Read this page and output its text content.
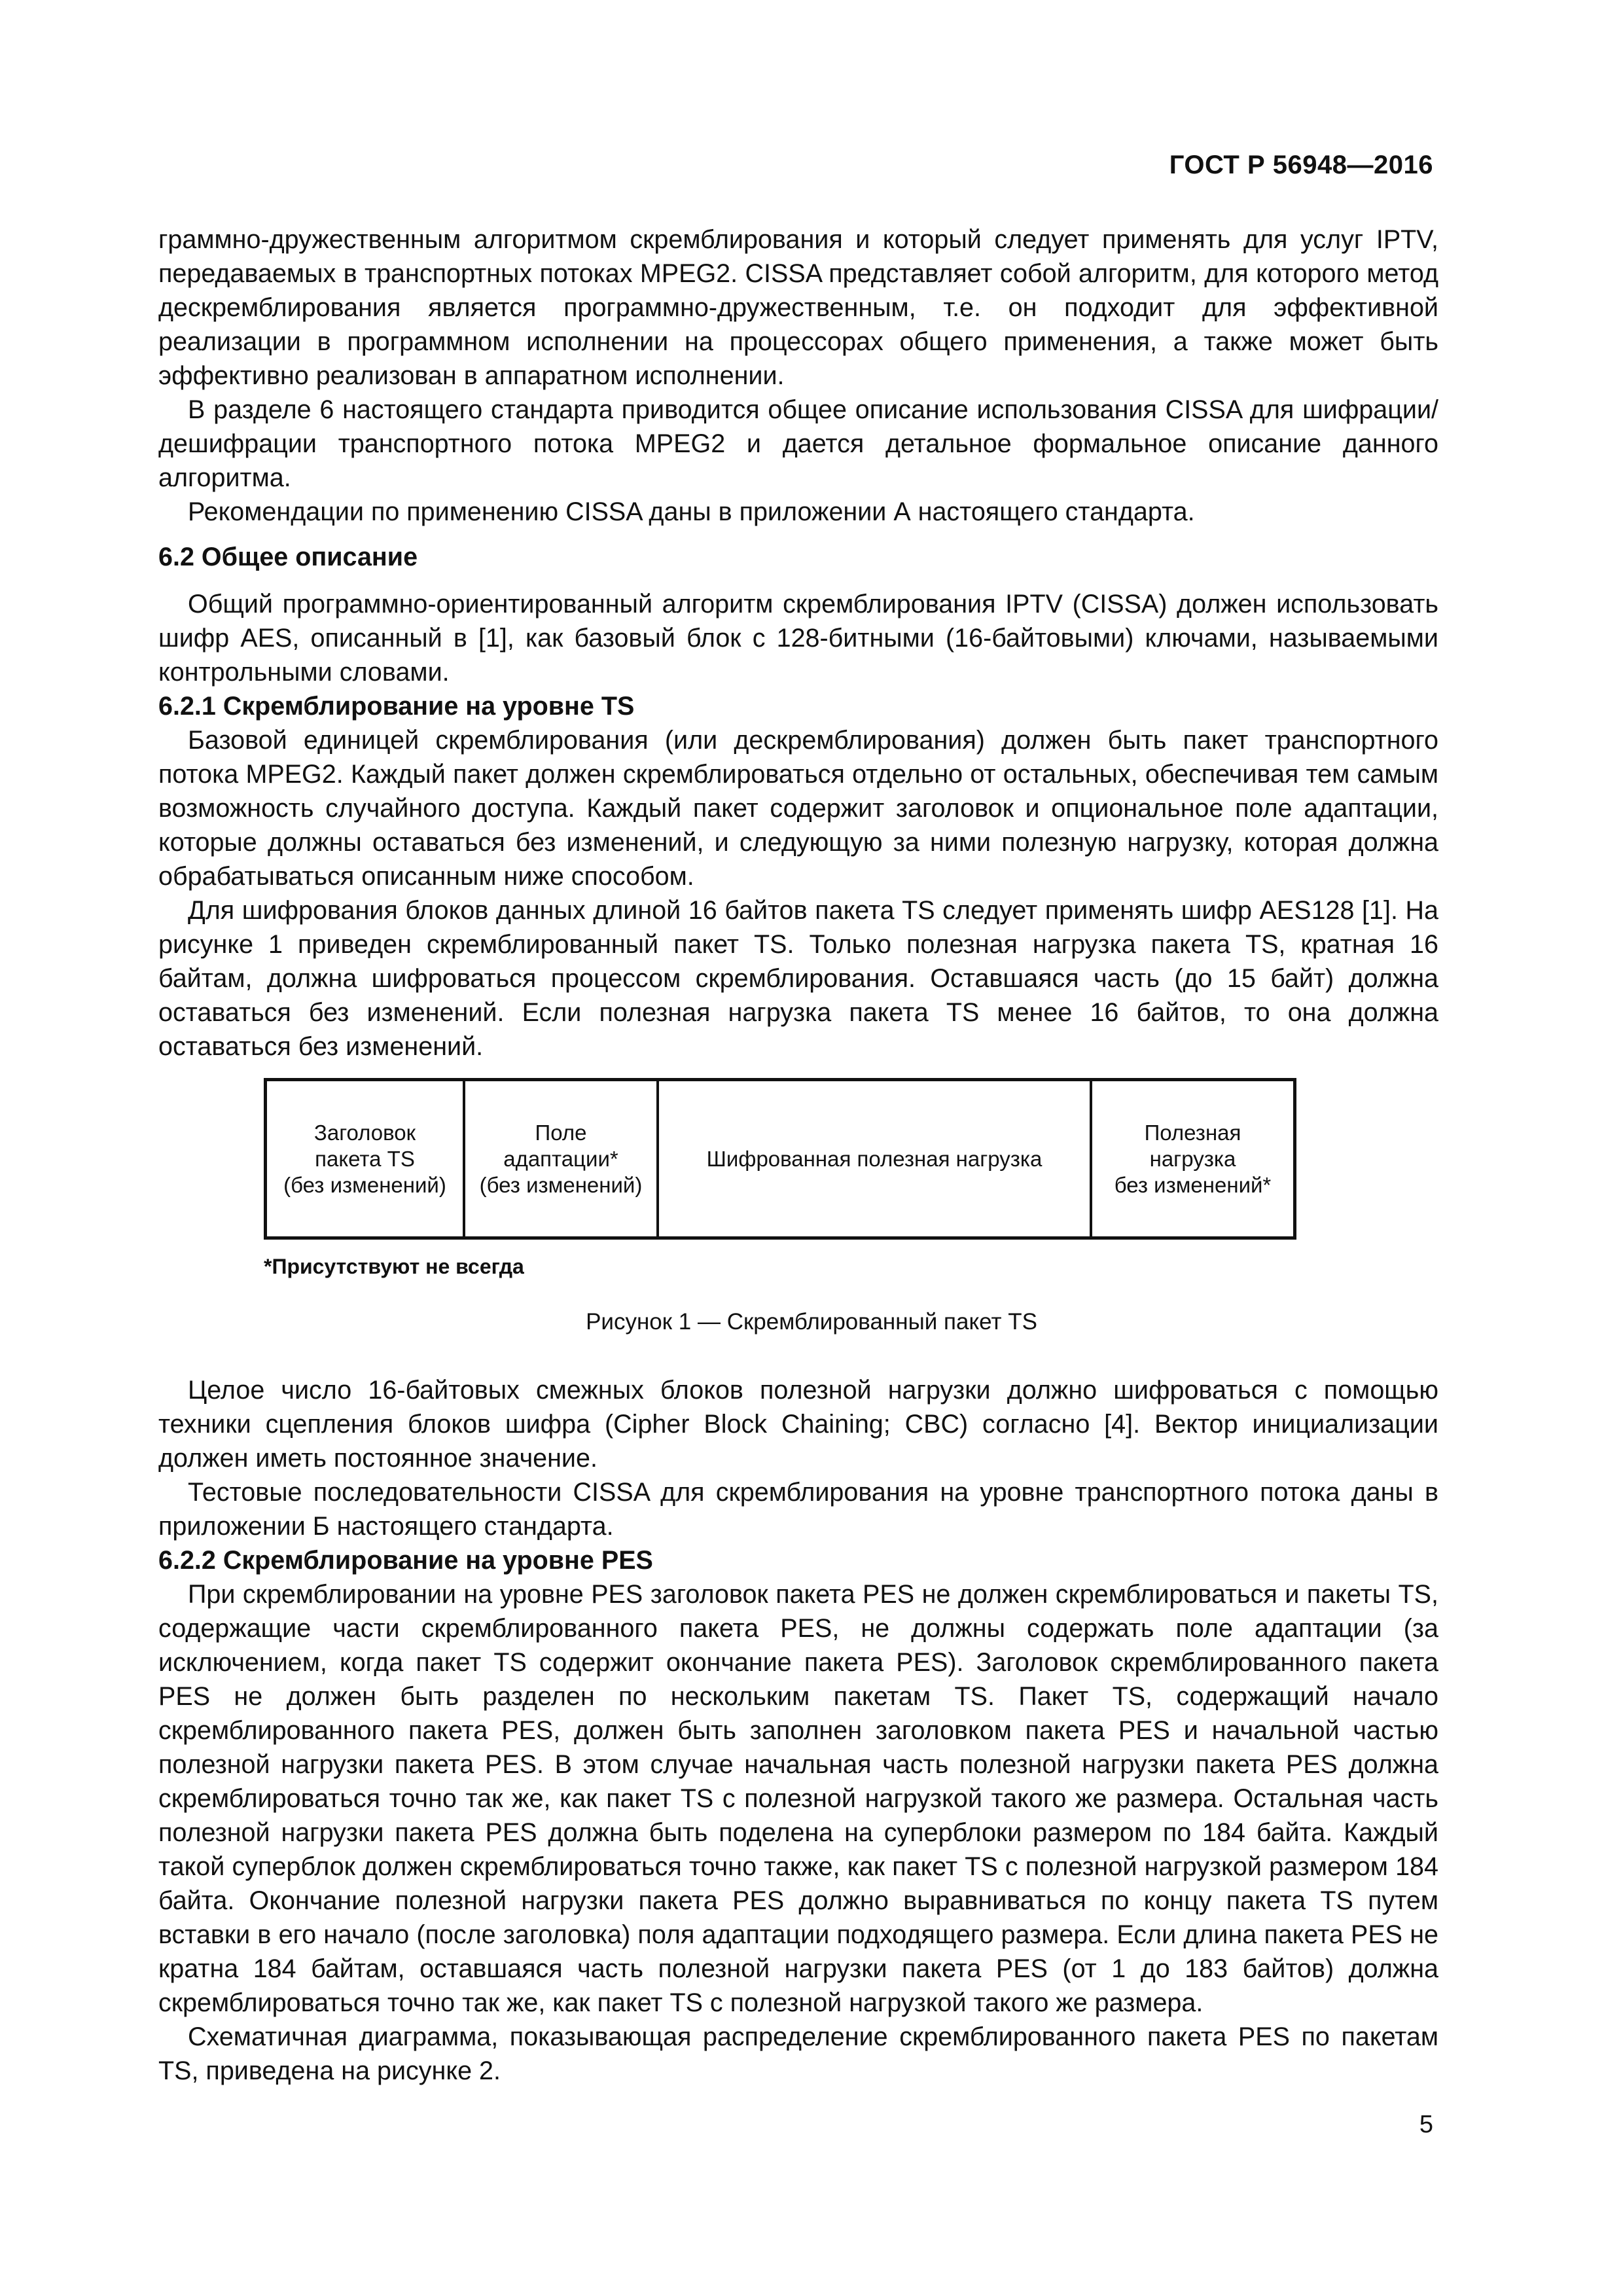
ГОСТ Р 56948—2016

граммно-дружественным алгоритмом скремблирования и который следует применять для услуг IPTV, передаваемых в транспортных потоках MPEG2. CISSA представляет собой алгоритм, для которого метод дескремблирования является программно-дружественным, т.е. он подходит для эффективной реализации в программном исполнении на процессорах общего применения, а также может быть эффективно реализован в аппаратном исполнении.

В разделе 6 настоящего стандарта приводится общее описание использования CISSA для шифрации/дешифрации транспортного потока MPEG2 и дается детальное формальное описание данного алгоритма.

Рекомендации по применению CISSA даны в приложении А настоящего стандарта.

6.2 Общее описание

Общий программно-ориентированный алгоритм скремблирования IPTV (CISSA) должен использовать шифр AES, описанный в [1], как базовый блок с 128-битными (16-байтовыми) ключами, называемыми контрольными словами.

6.2.1 Скремблирование на уровне TS

Базовой единицей скремблирования (или дескремблирования) должен быть пакет транспортного потока MPEG2. Каждый пакет должен скремблироваться отдельно от остальных, обеспечивая тем самым возможность случайного доступа. Каждый пакет содержит заголовок и опциональное поле адаптации, которые должны оставаться без изменений, и следующую за ними полезную нагрузку, которая должна обрабатываться описанным ниже способом.

Для шифрования блоков данных длиной 16 байтов пакета TS следует применять шифр AES128 [1]. На рисунке 1 приведен скремблированный пакет TS. Только полезная нагрузка пакета TS, кратная 16 байтам, должна шифроваться процессом скремблирования. Оставшаяся часть (до 15 байт) должна оставаться без изменений. Если полезная нагрузка пакета TS менее 16 байтов, то она должна оставаться без изменений.

Заголовок
пакета TS
(без изменений)
Поле
адаптации*
(без изменений)
Шифрованная полезная нагрузка
Полезная
нагрузка
без изменений*
*Присутствуют не всегда
Рисунок 1 — Скремблированный пакет TS

Целое число 16-байтовых смежных блоков полезной нагрузки должно шифроваться с помощью техники сцепления блоков шифра (Cipher Block Chaining; CBC) согласно [4]. Вектор инициализации должен иметь постоянное значение.

Тестовые последовательности CISSA для скремблирования на уровне транспортного потока даны в приложении Б настоящего стандарта.

6.2.2 Скремблирование на уровне PES

При скремблировании на уровне PES заголовок пакета PES не должен скремблироваться и пакеты TS, содержащие части скремблированного пакета PES, не должны содержать поле адаптации (за исключением, когда пакет TS содержит окончание пакета PES). Заголовок скремблированного пакета PES не должен быть разделен по нескольким пакетам TS. Пакет TS, содержащий начало скремблированного пакета PES, должен быть заполнен заголовком пакета PES и начальной частью полезной нагрузки пакета PES. В этом случае начальная часть полезной нагрузки пакета PES должна скремблироваться точно так же, как пакет TS с полезной нагрузкой такого же размера. Остальная часть полезной нагрузки пакета PES должна быть поделена на суперблоки размером по 184 байта. Каждый такой суперблок должен скремблироваться точно также, как пакет TS с полезной нагрузкой размером 184 байта. Окончание полезной нагрузки пакета PES должно выравниваться по концу пакета TS путем вставки в его начало (после заголовка) поля адаптации подходящего размера. Если длина пакета PES не кратна 184 байтам, оставшаяся часть полезной нагрузки пакета PES (от 1 до 183 байтов) должна скремблироваться точно так же, как пакет TS с полезной нагрузкой такого же размера.

Схематичная диаграмма, показывающая распределение скремблированного пакета PES по пакетам TS, приведена на рисунке 2.

5
